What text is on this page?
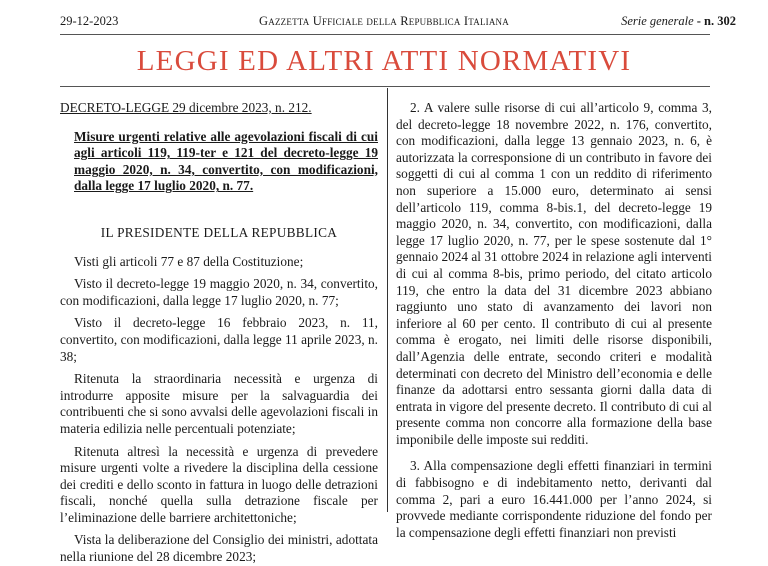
29-12-2023	Gazzetta Ufficiale della Repubblica Italiana	Serie generale - n. 302
LEGGI ED ALTRI ATTI NORMATIVI

DECRETO-LEGGE 29 dicembre 2023, n. 212.

Misure urgenti relative alle agevolazioni fiscali di cui agli articoli 119, 119-ter e 121 del decreto-legge 19 maggio 2020, n. 34, convertito, con modificazioni, dalla legge 17 luglio 2020, n. 77.

IL PRESIDENTE DELLA REPUBBLICA

Visti gli articoli 77 e 87 della Costituzione;

Visto il decreto-legge 19 maggio 2020, n. 34, convertito, con modificazioni, dalla legge 17 luglio 2020, n. 77;

Visto il decreto-legge 16 febbraio 2023, n. 11, convertito, con modificazioni, dalla legge 11 aprile 2023, n. 38;

Ritenuta la straordinaria necessità e urgenza di introdurre apposite misure per la salvaguardia dei contribuenti che si sono avvalsi delle agevolazioni fiscali in materia edilizia nelle percentuali potenziate;

Ritenuta altresì la necessità e urgenza di prevedere misure urgenti volte a rivedere la disciplina della cessione dei crediti e dello sconto in fattura in luogo delle detrazioni fiscali, nonché quella sulla detrazione fiscale per l’eliminazione delle barriere architettoniche;

Vista la deliberazione del Consiglio dei ministri, adottata nella riunione del 28 dicembre 2023;

2. A valere sulle risorse di cui all’articolo 9, comma 3, del decreto-legge 18 novembre 2022, n. 176, convertito, con modificazioni, dalla legge 13 gennaio 2023, n. 6, è autorizzata la corresponsione di un contributo in favore dei soggetti di cui al comma 1 con un reddito di riferimento non superiore a 15.000 euro, determinato ai sensi dell’articolo 119, comma 8-bis.1, del decreto-legge 19 maggio 2020, n. 34, convertito, con modificazioni, dalla legge 17 luglio 2020, n. 77, per le spese sostenute dal 1° gennaio 2024 al 31 ottobre 2024 in relazione agli interventi di cui al comma 8-bis, primo periodo, del citato articolo 119, che entro la data del 31 dicembre 2023 abbiano raggiunto uno stato di avanzamento dei lavori non inferiore al 60 per cento. Il contributo di cui al presente comma è erogato, nei limiti delle risorse disponibili, dall’Agenzia delle entrate, secondo criteri e modalità determinati con decreto del Ministro dell’economia e delle finanze da adottarsi entro sessanta giorni dalla data di entrata in vigore del presente decreto. Il contributo di cui al presente comma non concorre alla formazione della base imponibile delle imposte sui redditi.

3. Alla compensazione degli effetti finanziari in termini di fabbisogno e di indebitamento netto, derivanti dal comma 2, pari a euro 16.441.000 per l’anno 2024, si provvede mediante corrispondente riduzione del fondo per la compensazione degli effetti finanziari non previsti
